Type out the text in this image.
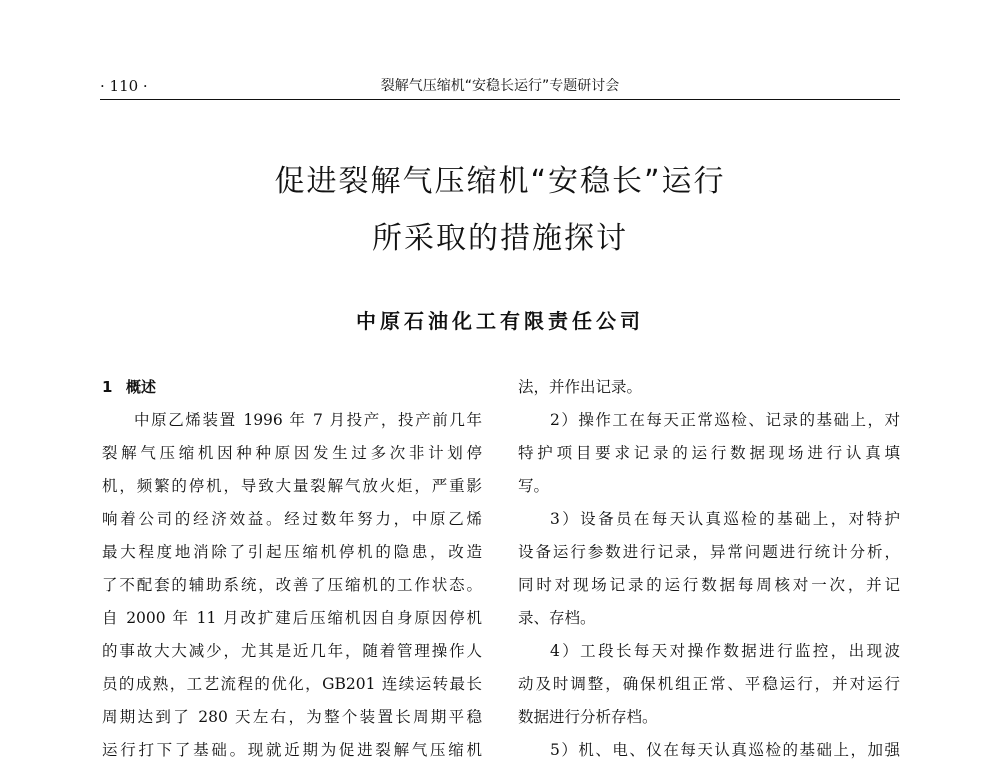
· 110 ·	裂解气压缩机“安稳长运行”专题研讨会
促进裂解气压缩机“安稳长”运行
所采取的措施探讨
中原石油化工有限责任公司
1 概述
中原乙烯装置 1996 年 7 月投产，投产前几年
裂解气压缩机因种种原因发生过多次非计划停
机，频繁的停机，导致大量裂解气放火炬，严重影
响着公司的经济效益。经过数年努力，中原乙烯
最大程度地消除了引起压缩机停机的隐患，改造
了不配套的辅助系统，改善了压缩机的工作状态。
自 2000 年 11 月改扩建后压缩机因自身原因停机
的事故大大减少，尤其是近几年，随着管理操作人
员的成熟，工艺流程的优化，GB201 连续运转最长
周期达到了 280 天左右，为整个装置长周期平稳
运行打下了基础。现就近期为促进裂解气压缩机
法，并作出记录。
2）操作工在每天正常巡检、记录的基础上，对
特护项目要求记录的运行数据现场进行认真填
写。
3）设备员在每天认真巡检的基础上，对特护
设备运行参数进行记录，异常问题进行统计分析，
同时对现场记录的运行数据每周核对一次，并记
录、存档。
4）工段长每天对操作数据进行监控，出现波
动及时调整，确保机组正常、平稳运行，并对运行
数据进行分析存档。
5）机、电、仪在每天认真巡检的基础上，加强
